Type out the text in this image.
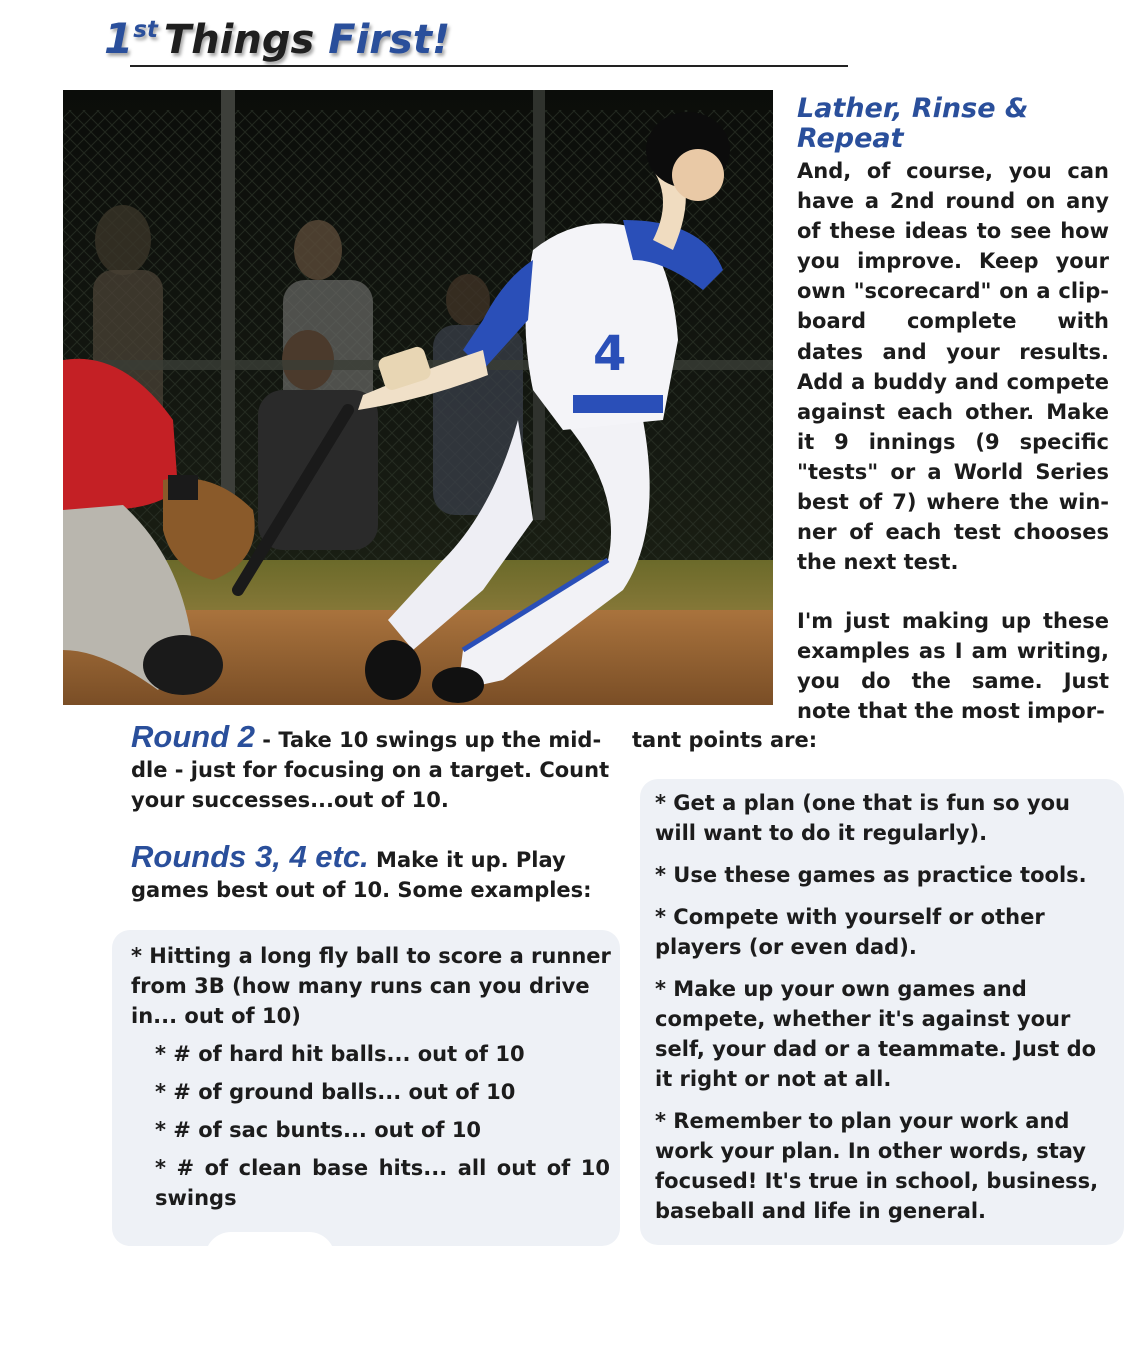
1st Things First!
4
Lather, Rinse & Repeat

And, of course, you can have a 2nd round on any of these ideas to see how you improve. Keep your own "scorecard" on a clip-board complete with dates and your results. Add a buddy and compete against each other. Make it 9 innings (9 specific "tests" or a World Series best of 7) where the win-ner of each test chooses the next test.

I'm just making up these examples as I am writing, you do the same. Just note that the most impor-

tant points are:

Round 2 - Take 10 swings up the mid-dle - just for focusing on a target. Count your successes...out of 10.

Rounds 3, 4 etc. Make it up. Play games best out of 10. Some examples:

* Hitting a long fly ball to score a runner from 3B (how many runs can you drive in... out of 10)

* # of hard hit balls... out of 10
* # of ground balls... out of 10
* # of sac bunts... out of 10
* # of clean base hits... all out of 10 swings
* Get a plan (one that is fun so you will want to do it regularly).
* Use these games as practice tools.
* Compete with yourself or other players (or even dad).
* Make up your own games and compete, whether it's against your self, your dad or a teammate. Just do it right or not at all.
* Remember to plan your work and work your plan. In other words, stay focused! It's true in school, business, baseball and life in general.
